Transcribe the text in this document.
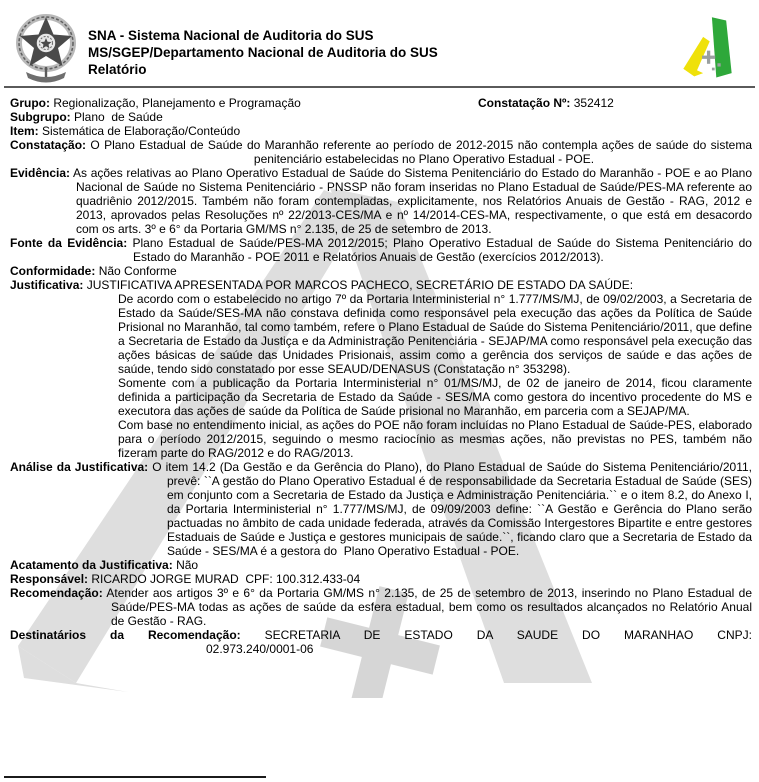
SNA - Sistema Nacional de Auditoria do SUS
MS/SGEP/Departamento Nacional de Auditoria do SUS
Relatório
Grupo: Regionalização, Planejamento e Programação	Constatação Nº: 352412
Subgrupo: Plano  de Saúde
Item: Sistemática de Elaboração/Conteúdo
Constatação: O Plano Estadual de Saúde do Maranhão referente ao período de 2012-2015 não contempla ações de saúde do sistema penitenciário estabelecidas no Plano Operativo Estadual - POE.
Evidência: As ações relativas ao Plano Operativo Estadual de Saúde do Sistema Penitenciário do Estado do Maranhão - POE e ao Plano Nacional de Saúde no Sistema Penitenciário - PNSSP não foram inseridas no Plano Estadual de Saúde/PES-MA referente ao quadriênio 2012/2015. Também não foram contempladas, explicitamente, nos Relatórios Anuais de Gestão - RAG, 2012 e 2013, aprovados pelas Resoluções nº 22/2013-CES/MA e nº 14/2014-CES-MA, respectivamente, o que está em desacordo com os arts. 3º e 6° da Portaria GM/MS n° 2.135, de 25 de setembro de 2013.
Fonte da Evidência: Plano Estadual de Saúde/PES-MA 2012/2015; Plano Operativo Estadual de Saúde do Sistema Penitenciário do Estado do Maranhão - POE 2011 e Relatórios Anuais de Gestão (exercícios 2012/2013).
Conformidade: Não Conforme
Justificativa: JUSTIFICATIVA APRESENTADA POR MARCOS PACHECO, SECRETÁRIO DE ESTADO DA SAÚDE:
De acordo com o estabelecido no artigo 7º da Portaria Interministerial n° 1.777/MS/MJ, de 09/02/2003, a Secretaria de Estado da Saúde/SES-MA não constava definida como responsável pela execução das ações da Política de Saúde Prisional no Maranhão, tal como também, refere o Plano Estadual de Saúde do Sistema Penitenciário/2011, que define a Secretaria de Estado da Justiça e da Administração Penitenciária - SEJAP/MA como responsável pela execução das ações básicas de saúde das Unidades Prisionais, assim como a gerência dos serviços de saúde e das ações de saúde, tendo sido constatado por esse SEAUD/DENASUS (Constatação n° 353298).
Somente com a publicação da Portaria Interministerial n° 01/MS/MJ, de 02 de janeiro de 2014, ficou claramente definida a participação da Secretaria de Estado da Saúde - SES/MA como gestora do incentivo procedente do MS e executora das ações de saúde da Política de Saúde prisional no Maranhão, em parceria com a SEJAP/MA.
Com base no entendimento inicial, as ações do POE não foram incluídas no Plano Estadual de Saúde-PES, elaborado para o período 2012/2015, seguindo o mesmo raciocínio as mesmas ações, não previstas no PES, também não fizeram parte do RAG/2012 e do RAG/2013.
Análise da Justificativa: O item 14.2 (Da Gestão e da Gerência do Plano), do Plano Estadual de Saúde do Sistema Penitenciário/2011, prevê: ``A gestão do Plano Operativo Estadual é de responsabilidade da Secretaria Estadual de Saúde (SES) em conjunto com a Secretaria de Estado da Justiça e Administração Penitenciária.`` e o item 8.2, do Anexo I, da Portaria Interministerial n° 1.777/MS/MJ, de 09/09/2003 define: ``A Gestão e Gerência do Plano serão pactuadas no âmbito de cada unidade federada, através da Comissão Intergestores Bipartite e entre gestores Estaduais de Saúde e Justiça e gestores municipais de saúde.``, ficando claro que a Secretaria de Estado da Saúde - SES/MA é a gestora do  Plano Operativo Estadual - POE.
Acatamento da Justificativa: Não
Responsável: RICARDO JORGE MURAD  CPF: 100.312.433-04
Recomendação: Atender aos artigos 3º e 6° da Portaria GM/MS n° 2.135, de 25 de setembro de 2013, inserindo no Plano Estadual de Saúde/PES-MA todas as ações de saúde da esfera estadual, bem como os resultados alcançados no Relatório Anual de Gestão - RAG.
Destinatários da Recomendação: SECRETARIA DE ESTADO DA SAUDE DO MARANHAO CNPJ:
02.973.240/0001-06
